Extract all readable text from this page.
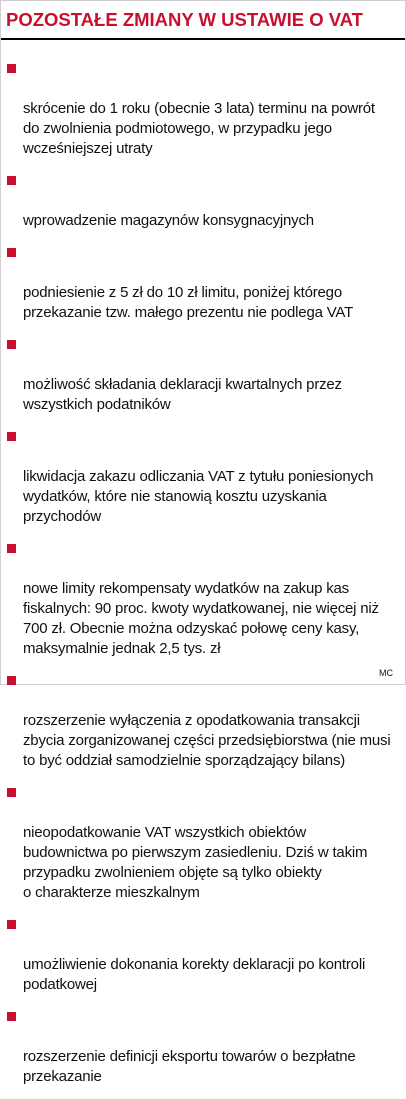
POZOSTAŁE ZMIANY W USTAWIE O VAT

skrócenie do 1 roku (obecnie 3 lata) terminu na powrót
do zwolnienia podmiotowego, w przypadku jego
wcześniejszej utraty

wprowadzenie magazynów konsygnacyjnych

podniesienie z 5 zł do 10 zł limitu, poniżej którego
przekazanie tzw. małego prezentu nie podlega VAT

możliwość składania deklaracji kwartalnych przez
wszystkich podatników

likwidacja zakazu odliczania VAT z tytułu poniesionych
wydatków, które nie stanowią kosztu uzyskania
przychodów

nowe limity rekompensaty wydatków na zakup kas
fiskalnych: 90 proc. kwoty wydatkowanej, nie więcej niż
700 zł. Obecnie można odzyskać połowę ceny kasy,
maksymalnie jednak 2,5 tys. zł

rozszerzenie wyłączenia z opodatkowania transakcji
zbycia zorganizowanej części przedsiębiorstwa (nie musi
to być oddział samodzielnie sporządzający bilans)

nieopodatkowanie VAT wszystkich obiektów
budownictwa po pierwszym zasiedleniu. Dziś w takim
przypadku zwolnieniem objęte są tylko obiekty
o charakterze mieszkalnym

umożliwienie dokonania korekty deklaracji po kontroli
podatkowej

rozszerzenie definicji eksportu towarów o bezpłatne
przekazanie

MC
